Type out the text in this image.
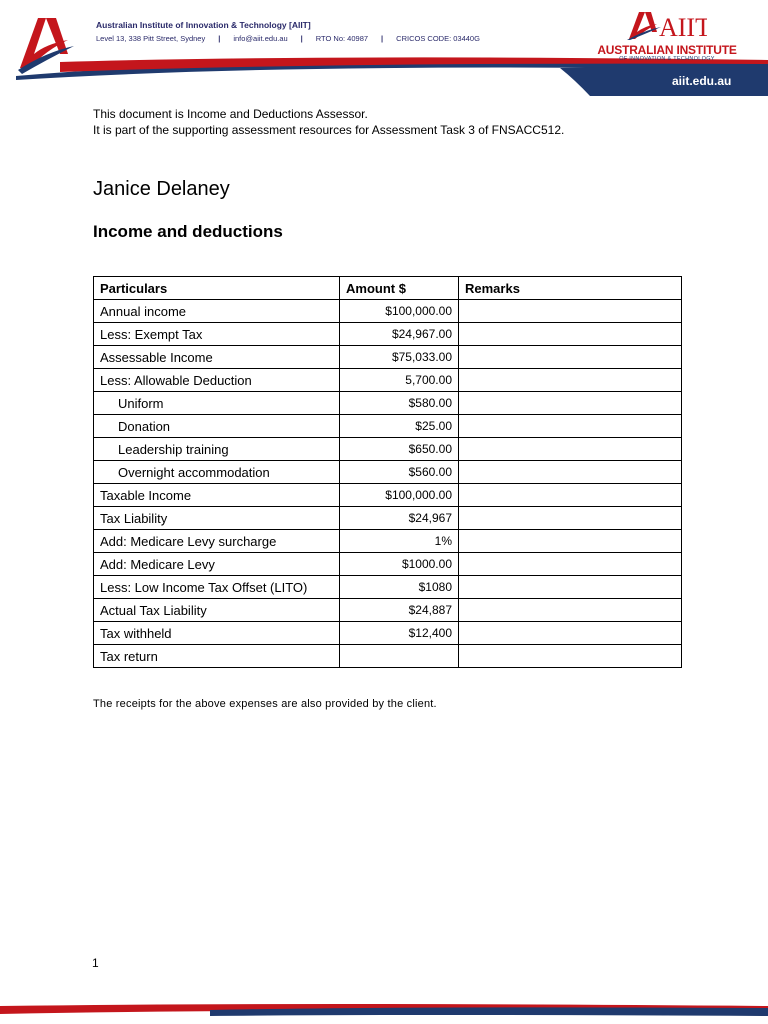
Australian Institute of Innovation & Technology [AIIT]
Level 13, 338 Pitt Street, Sydney | info@aiit.edu.au | RTO No: 40987 | CRICOS CODE: 03440G	AIIT
AUSTRALIAN INSTITUTE
OF INNOVATION & TECHNOLOGY
aiit.edu.au
This document is Income and Deductions Assessor.
It is part of the supporting assessment resources for Assessment Task 3 of FNSACC512.
Janice Delaney
Income and deductions
Particulars	Amount $	Remarks
Annual income	$100,000.00	
Less: Exempt Tax	$24,967.00	
Assessable Income	$75,033.00	
Less: Allowable Deduction	5,700.00	
Uniform	$580.00	
Donation	$25.00	
Leadership training	$650.00	
Overnight accommodation	$560.00	
Taxable Income	$100,000.00	
Tax Liability	$24,967	
Add: Medicare Levy surcharge	1%	
Add: Medicare Levy	$1000.00	
Less: Low Income Tax Offset (LITO)	$1080	
Actual Tax Liability	$24,887	
Tax withheld	$12,400	
Tax return		
The receipts for the above expenses are also provided by the client.
1
